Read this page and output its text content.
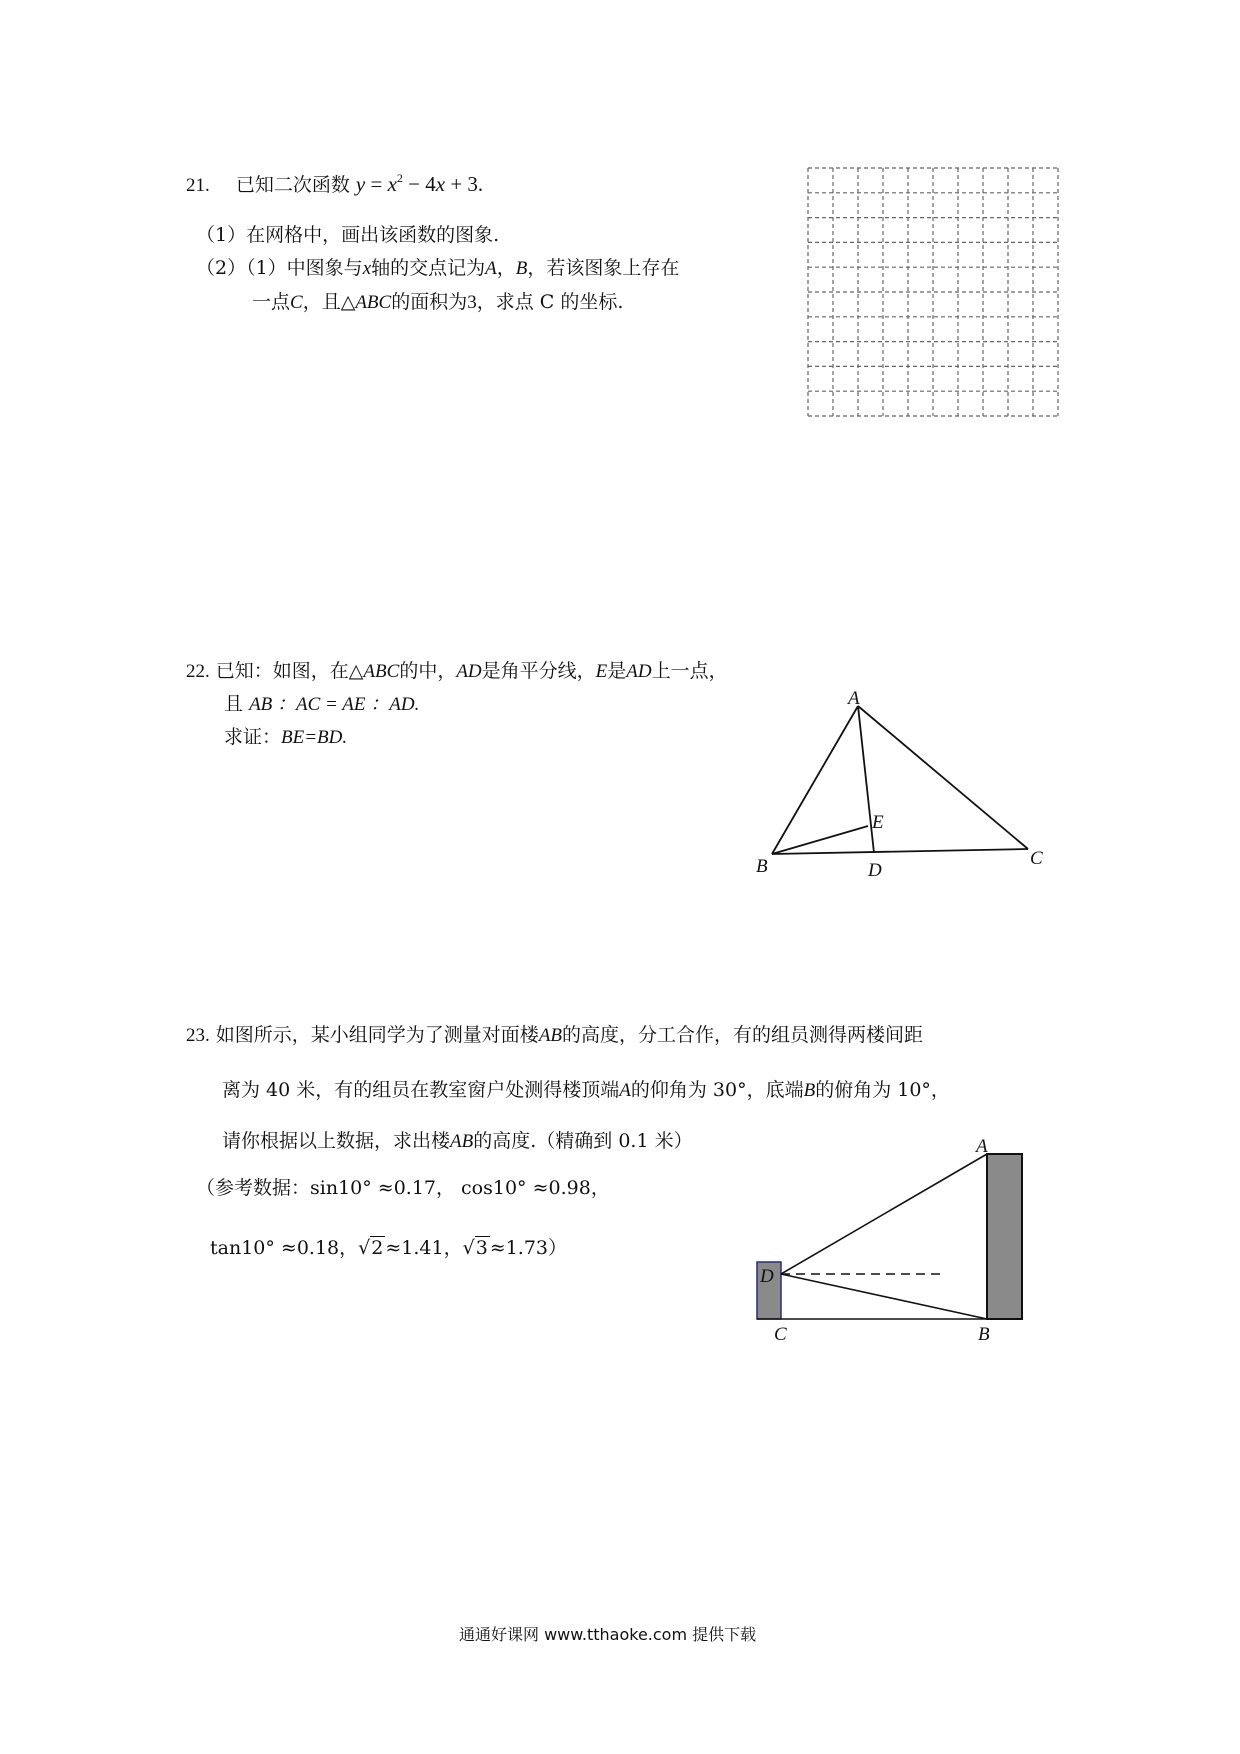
21. 已知二次函数 $y = x^2 - 4x + 3$.
（1）在网格中，画出该函数的图象.
（2）（1）中图象与x轴的交点记为A，B，若该图象上存在
一点C，且△ABC的面积为3，求点 C 的坐标.
22. 已知：如图，在△ABC的中，AD是角平分线，E是AD上一点，
且 AB ：AC = AE ：AD.
求证：BE=BD.
A
B	C
D
E
23. 如图所示，某小组同学为了测量对面楼AB的高度，分工合作，有的组员测得两楼间距
离为 40 米，有的组员在教室窗户处测得楼顶端A的仰角为 30°，底端B的俯角为 10°，
请你根据以上数据，求出楼AB的高度.（精确到 0.1 米）
（参考数据：sin10° ≈0.17， cos10° ≈0.98，
tan10° ≈0.18，√2 ≈1.41，√3 ≈1.73）
A
B
C
D
通通好课网 www.tthaoke.com 提供下载
